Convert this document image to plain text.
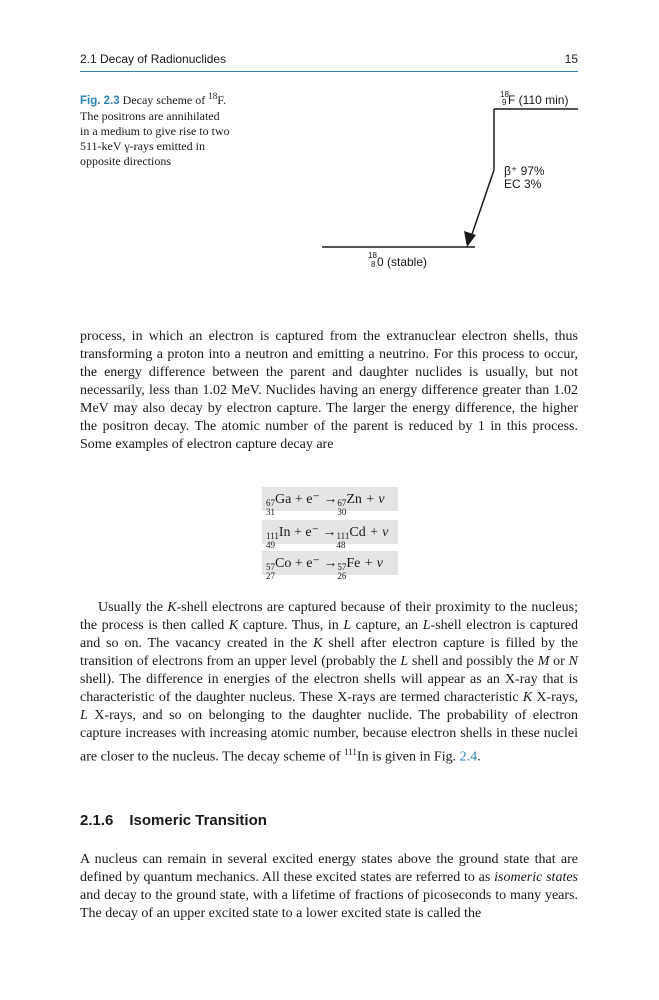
2.1 Decay of Radionuclides	15
Fig. 2.3 Decay scheme of $^{18}$F. The positrons are annihilated in a medium to give rise to two 511-keV γ-rays emitted in opposite directions
18
9 F (110 min)
β⁺ 97%
EC 3%
18
8 0 (stable)

process, in which an electron is captured from the extranuclear electron shells, thus transforming a proton into a neutron and emitting a neutrino. For this process to occur, the energy difference between the parent and daughter nuclides is usually, but not necessarily, less than 1.02 MeV. Nuclides having an energy difference greater than 1.02 MeV may also decay by electron capture. The larger the energy difference, the higher the positron decay. The atomic number of the parent is reduced by 1 in this process. Some examples of electron capture decay are

67
31
Ga + e⁻ → 67
30
Zn + ν
111
49
In + e⁻ → 111
48
Cd + ν
57
27
Co + e⁻ → 57
26
Fe + ν

Usually the K-shell electrons are captured because of their proximity to the nucleus; the process is then called K capture. Thus, in L capture, an L-shell electron is captured and so on. The vacancy created in the K shell after electron capture is filled by the transition of electrons from an upper level (probably the L shell and possibly the M or N shell). The difference in energies of the electron shells will appear as an X-ray that is characteristic of the daughter nucleus. These X-rays are termed characteristic K X-rays, L X-rays, and so on belonging to the daughter nuclide. The probability of electron capture increases with increasing atomic number, because electron shells in these nuclei are closer to the nucleus. The decay scheme of $^{111}$In is given in Fig. 2.4.

2.1.6 Isomeric Transition

A nucleus can remain in several excited energy states above the ground state that are defined by quantum mechanics. All these excited states are referred to as isomeric states and decay to the ground state, with a lifetime of fractions of picoseconds to many years. The decay of an upper excited state to a lower excited state is called the
